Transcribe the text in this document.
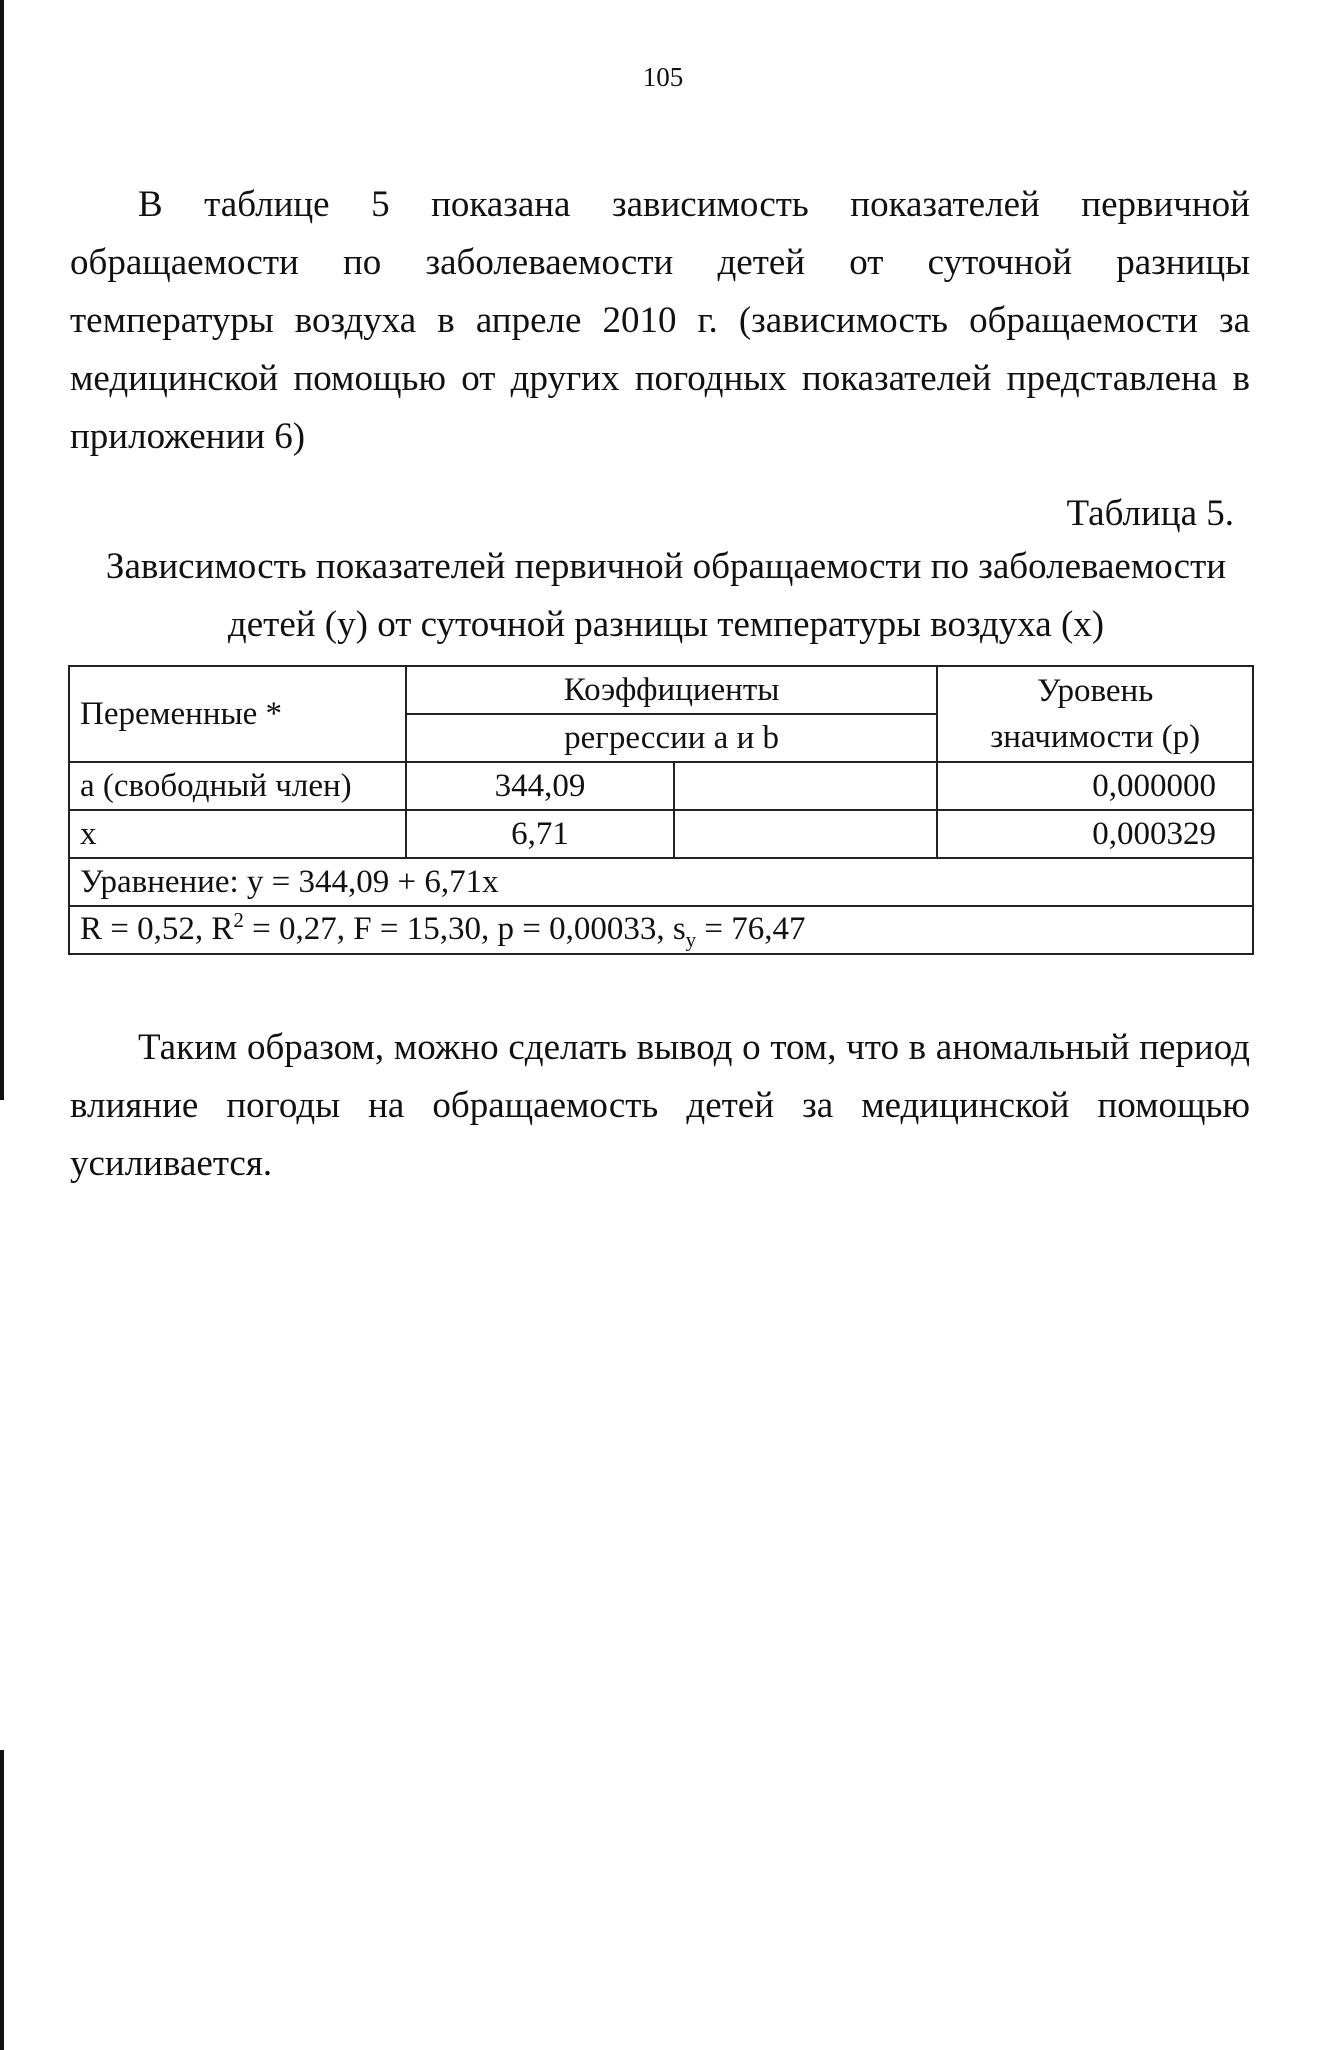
105
В таблице 5 показана зависимость показателей первичной обращаемости по заболеваемости детей от суточной разницы температуры воздуха в апреле 2010 г. (зависимость обращаемости за медицинской помощью от других погодных показателей представлена в приложении 6)
Таблица 5.
Зависимость показателей первичной обращаемости по заболеваемости детей (у) от суточной разницы температуры воздуха (х)
Переменные *	Коэффициенты		Уровень
значимости (р)
	регрессии а и b		
а (свободный член)	344,09		0,000000
х	6,71		0,000329
Уравнение: у = 344,09 + 6,71х			
R = 0,52, $R^2 = 0,27$, F = 15,30, р = 0,00033, $s_y = 76,47$			
Таким образом, можно сделать вывод о том, что в аномальный период влияние погоды на обращаемость детей за медицинской помощью усиливается.
